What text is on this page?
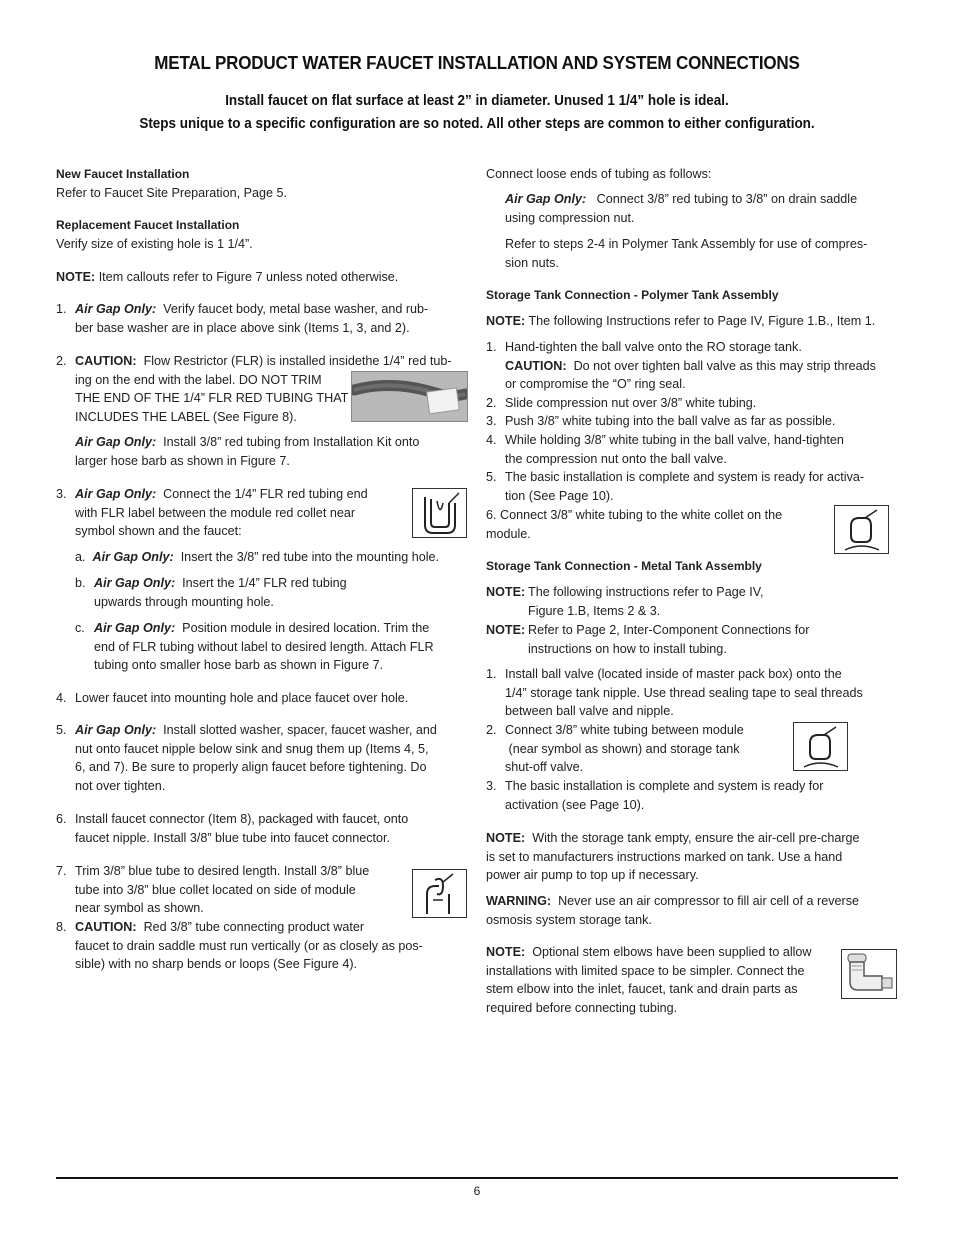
METAL PRODUCT WATER FAUCET INSTALLATION AND SYSTEM CONNECTIONS
Install faucet on flat surface at least 2” in diameter. Unused 1 1/4” hole is ideal.
Steps unique to a specific configuration are so noted. All other steps are common to either configuration.
New Faucet Installation
Refer to Faucet Site Preparation, Page 5.
Replacement Faucet Installation
Verify size of existing hole is 1 1/4”.
NOTE: Item callouts refer to Figure 7 unless noted otherwise.
1. Air Gap Only: Verify faucet body, metal base washer, and rub-
ber base washer are in place above sink (Items 1, 3, and 2).
2. CAUTION: Flow Restrictor (FLR) is installed insidethe 1/4” red tub-
ing on the end with the label. DO NOT TRIM
THE END OF THE 1/4” FLR RED TUBING THAT
INCLUDES THE LABEL (See Figure 8).
Air Gap Only: Install 3/8” red tubing from Installation Kit onto
larger hose barb as shown in Figure 7.
3. Air Gap Only: Connect the 1/4” FLR red tubing end
with FLR label between the module red collet near
symbol shown and the faucet:
a. Air Gap Only: Insert the 3/8” red tube into the mounting hole.
b. Air Gap Only: Insert the 1/4” FLR red tubing
upwards through mounting hole.
c. Air Gap Only: Position module in desired location. Trim the
end of FLR tubing without label to desired length. Attach FLR
tubing onto smaller hose barb as shown in Figure 7.
4. Lower faucet into mounting hole and place faucet over hole.
5. Air Gap Only: Install slotted washer, spacer, faucet washer, and
nut onto faucet nipple below sink and snug them up (Items 4, 5,
6, and 7). Be sure to properly align faucet before tightening. Do
not over tighten.
6. Install faucet connector (Item 8), packaged with faucet, onto
faucet nipple. Install 3/8” blue tube into faucet connector.
7. Trim 3/8” blue tube to desired length. Install 3/8” blue
tube into 3/8” blue collet located on side of module
near symbol as shown.
8. CAUTION: Red 3/8” tube connecting product water
faucet to drain saddle must run vertically (or as closely as pos-
sible) with no sharp bends or loops (See Figure 4).
Connect loose ends of tubing as follows:
Air Gap Only: Connect 3/8” red tubing to 3/8” on drain saddle
using compression nut.
Refer to steps 2-4 in Polymer Tank Assembly for use of compres-
sion nuts.
Storage Tank Connection - Polymer Tank Assembly
NOTE: The following Instructions refer to Page IV, Figure 1.B., Item 1.
1. Hand-tighten the ball valve onto the RO storage tank.
CAUTION: Do not over tighten ball valve as this may strip threads
or compromise the “O” ring seal.
2. Slide compression nut over 3/8” white tubing.
3. Push 3/8” white tubing into the ball valve as far as possible.
4. While holding 3/8” white tubing in the ball valve, hand-tighten
the compression nut onto the ball valve.
5. The basic installation is complete and system is ready for activa-
tion (See Page 10).
6. Connect 3/8” white tubing to the white collet on the
module.
Storage Tank Connection - Metal Tank Assembly
NOTE: The following instructions refer to Page IV,
Figure 1.B, Items 2 & 3.
NOTE: Refer to Page 2, Inter-Component Connections for
instructions on how to install tubing.
1. Install ball valve (located inside of master pack box) onto the
1/4” storage tank nipple. Use thread sealing tape to seal threads
between ball valve and nipple.
2. Connect 3/8” white tubing between module
(near symbol as shown) and storage tank
shut-off valve.
3. The basic installation is complete and system is ready for
activation (see Page 10).
NOTE: With the storage tank empty, ensure the air-cell pre-charge
is set to manufacturers instructions marked on tank. Use a hand
power air pump to top up if necessary.
WARNING: Never use an air compressor to fill air cell of a reverse
osmosis system storage tank.
NOTE: Optional stem elbows have been supplied to allow
installations with limited space to be simpler. Connect the
stem elbow into the inlet, faucet, tank and drain parts as
required before connecting tubing.
6
